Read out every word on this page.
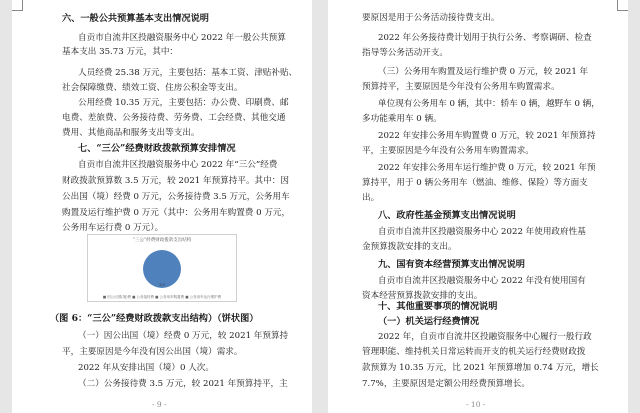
六、一般公共预算基本支出情况说明
自贡市自流井区投融资服务中心 2022 年一般公共预算
基本支出 35.73 万元，其中：
人员经费 25.38 万元，主要包括：基本工资、津贴补贴、
社会保障缴费、绩效工资、住房公积金等支出。
公用经费 10.35 万元，主要包括：办公费、印刷费、邮
电费、差旅费、公务接待费、劳务费、工会经费、其他交通
费用、其他商品和服务支出等支出。
七、“三公”经费财政拨款预算安排情况
自贡市自流井区投融资服务中心 2022 年“三公”经费
财政拨款预算数 3.5 万元，较 2021 年预算持平。其中：因
公出国（境）经费 0 万元，公务接待费 3.5 万元，公务用车
购置及运行维护费 0 万元（其中：公务用车购置费 0 万元，
公务用车运行费 0 万元）。
“三公”经费财政拨款支出结构
3.5
■ 因公出国(境)费 ■ 公务接待费 ■ 公务用车购置费 ■ 公务用车运行维护费
（图 6：“三公”经费财政拨款支出结构）（饼状图）
（一）因公出国（境）经费 0 万元，较 2021 年预算持
平，主要原因是今年没有因公出国（境）需求。
2022 年从安排出国（境）0 人次。
（二）公务接待费 3.5 万元，较 2021 年预算持平，主
- 9 -
要原因是用于公务活动接待费支出。
2022 年公务接待费计划用于执行公务、考察调研、检查
指导等公务活动开支。
（三）公务用车购置及运行维护费 0 万元，较 2021 年
预算持平，主要原因是今年没有公务用车购置需求。
单位现有公务用车 0 辆，其中：轿车 0 辆，越野车 0 辆，
多功能乘用车 0 辆。
2022 年安排公务用车购置费 0 万元，较 2021 年预算持
平，主要原因是今年没有公务用车购置需求。
2022 年安排公务用车运行维护费 0 万元，较 2021 年预
算持平，用于 0 辆公务用车（燃油、维修、保险）等方面支
出。
八、政府性基金预算支出情况说明
自贡市自流井区投融资服务中心 2022 年使用政府性基
金预算拨款安排的支出。
九、国有资本经营预算支出情况说明
自贡市自流井区投融资服务中心 2022 年没有使用国有
资本经营预算拨款安排的支出。
十、其他重要事项的情况说明
（一）机关运行经费情况
2022 年，自贡市自流井区投融资服务中心履行一般行政
管理职能、维持机关日常运转而开支的机关运行经费财政拨
款预算为 10.35 万元，比 2021 年预算增加 0.74 万元，增长
7.7%，主要原因是定额公用经费预算增长。
- 10 -
